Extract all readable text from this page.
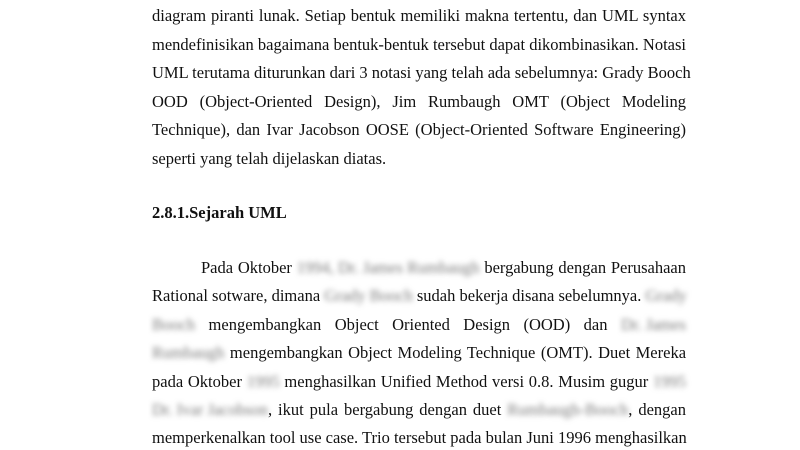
diagram piranti lunak. Setiap bentuk memiliki makna tertentu, dan UML syntax
mendefinisikan bagaimana bentuk-bentuk tersebut dapat dikombinasikan. Notasi
UML terutama diturunkan dari 3 notasi yang telah ada sebelumnya: Grady Booch
OOD (Object-Oriented Design), Jim Rumbaugh OMT (Object Modeling
Technique), dan Ivar Jacobson OOSE (Object-Oriented Software Engineering)
seperti yang telah dijelaskan diatas.
2.8.1.Sejarah UML
Pada Oktober 1994, Dr. James Rumbaugh bergabung dengan Perusahaan
Rational sotware, dimana Grady Booch sudah bekerja disana sebelumnya. Grady
Booch mengembangkan Object Oriented Design (OOD) dan Dr. James
Rumbaugh mengembangkan Object Modeling Technique (OMT). Duet Mereka
pada Oktober 1995 menghasilkan Unified Method versi 0.8. Musim gugur 1995
Dr. Ivar Jacobson, ikut pula bergabung dengan duet Rumbaugh-Booch, dengan
memperkenalkan tool use case. Trio tersebut pada bulan Juni 1996 menghasilkan
